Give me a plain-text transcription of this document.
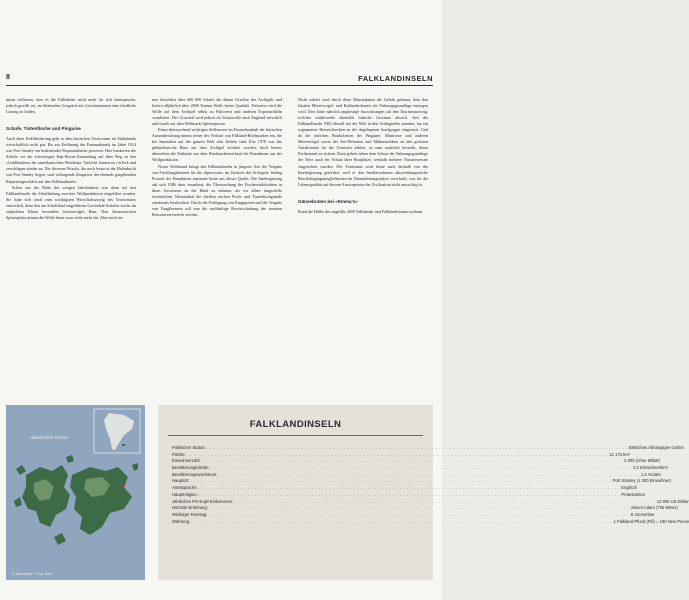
8	FALKLANDINSELN

tinien verlassen, dass es die Falkländer nicht mehr für sich beanspruche, jedoch gewillt sei, im bilateralen Gespräch mit Grossbritannien eine friedliche Lösung zu finden.

Schafe, Tintenfische und Pinguine

Auch ohne Erdölförderung geht es dem britischen Territorium im Südatlantik wirtschaftlich recht gut: Bis zur Eröffnung des Panamakanals im Jahre 1914 war Port Stanley ein bedeutender Reparaturhafen gewesen. Hier bunkerten die Schiffe vor der schwierigen Kap-Hoorn-Umrundung auf dem Weg zu den «Goldländern» der amerikanischen Westküste. Und hier kamen sie oft leck und zerschlagen wieder an. Die diversen Wracks, die noch heute in der Hafenbucht von Port Stanley liegen, sind vielsagende Zeugnisse des ehemals gutgehenden Reparaturgeschäfts auf den Falklandinseln.

Schon aus der Mitte des vorigen Jahrhunderts war dann auf den Falklandinseln die Schafhaltung zweckes Wollproduktion eingeführt worden. Sie hatte sich rasch zum wichtigsten Wirtschaftszweig des Territoriums entwickelt, denn den am Schelfland eingeführten Corriedale-Schafen wachs im subpolaren Klima besonders hochwertiges Haar. Den ökonomischen Spitzenplatz nimmt die Wolle heute zwar nicht mehr ein. Aber noch im-

mer beweiden über 600 000 Schafe die dünne Grasflur des Archipels und liefern alljährlich über 2000 Tonnen Wolle bester Qualität. Teilweise wird die Wolle auf dem Archipel selbst zu Pullovern und anderen Exportartikeln verarbeitet. Der Grossteil wird jedoch als Schurwolle nach England verschifft und erzielt auf dem Weltmarkt Spitzenpreise.

Einen überraschend wichtigen Stellenwert im Finanzhaushalt der britischen Aussenbesitzung nimmt ferner der Verkauf von Falkland-Briefmarken ein, die bei Sammlern auf der ganzen Welt sehr beliebt sind. Erst 1978 war das philatelistische Büro auf dem Archipel eröffnet worden, doch bereits überstiften die Einkäufe aus dem Briefmarkenverkauf die Einnahmen aus der Wollproduktion.

Neues Wohlstand bringt den Falklandinseln in jüngster Zeit die Vergabe von Fischfanglizenzen für die «Sperrzone» im Umkreis des Archipels. Stehng Prozent der Einnahmen stammen heute aus dieser Quelle. Die Inselregierung sah sich 1986 dazu veranlasst, die Überwachung der Fischereiaktivitäten in ihren Gewässern an die Hand zu nehmen, als vor allem fangschiffe fernöstlicher Nationalität die chedem reichen Fisch- und Tintenfischgründe zusehends leerfischten. Durch die Festlegung von Fangquoten und die Vergabe von Fanglizenzen soll nun die nachhaltige Bewirtschaftung der marinen Ressourcen erreicht werden.

Nicht zuletzt wird durch diese Massnahmen die Gefahr gebannt, dass den lokalen Meeresvogel- und Robbenkolonien die Nahrungsgrundlage entzogen wird. Dies hätte nämlich ungünstige Auswirkungen auf den Tourismuszweig, welches mittlerweile ebenfalls hübsche Gewinne abwirft. Seit die Falklandinseln 1982 überall auf der Welt in den Schlagzeilen standen, hat ein sogenannter Reiseschrecken zu der abgelegenen Inselgruppe eingesetzt. Und da die örtlichen Brutkolonien der Pinguine, Albatrosse und anderen Meeresvögel sowie der See-Elefanten und Mähnenrobben zu den grössten Attraktionen für die Touristen zählen, ist man natürlich bestrebt, deren Fortbestand zu sichern. Dazu gehört neben dem Schutz der Nahrungsgrundlage der Tiere auch der Schutz ihrer Brutplätze, weshalb mehrere Naturreservate eingerichtet wurden. Der Tourismus wird heute auch deshalb von der Inselregierung gefördert, weil er den Inselbewohnern abwechslungsreiche Beschäftigungsmöglichkeiten im Dienstleistungssektor verschafft, was für die Lebensqualität auf diesem Aussenposten der Zivilisation nicht unwichtig ist.

Gänsebraten bei «Emma's»

Rund die Hälfte der ungefähr 2000 Falkländer und Falkländerinnen wohnen

Atlantischer Ozean
© Kümmerly + Frey, Bern
FALKLANDINSELN
Politischer Status: . . . . . . . . . . . . . . . . . . . . . . . . . . . . . . . . . . . . . . . . . . . . . . . . . . . . . . . . . . . . . . . . . . . . . . . . . . . . . . . . . . . . . . . . . . . . . . . . . . . . . . . . . . . . . . . . . . . . . . . . Britisches Abhängiges Gebiet
Fläche: . . . . . . . . . . . . . . . . . . . . . . . . . . . . . . . . . . . . . . . . . . . . . . . . . . . . . . . . . . . . . . . . . . . . . . . . . . . . . . . . . . . . . . . . . . . . . . . . . . . . . . . . . . . . . . . . . . . . . . . . 12 173 km²
Einwohnerzahl: . . . . . . . . . . . . . . . . . . . . . . . . . . . . . . . . . . . . . . . . . . . . . . . . . . . . . . . . . . . . . . . . . . . . . . . . . . . . . . . . . . . . . . . . . . . . . . . . . . . . . . . . . . . . . . . . . . . . . . . . 2 000 (ohne Militär)
Bevölkerungsdichte: . . . . . . . . . . . . . . . . . . . . . . . . . . . . . . . . . . . . . . . . . . . . . . . . . . . . . . . . . . . . . . . . . . . . . . . . . . . . . . . . . . . . . . . . . . . . . . . . . . . . . . . . . . . . . . . . . . . . . . . . 0,2 Einwohner/km²
Bevölkerungswachstum: . . . . . . . . . . . . . . . . . . . . . . . . . . . . . . . . . . . . . . . . . . . . . . . . . . . . . . . . . . . . . . . . . . . . . . . . . . . . . . . . . . . . . . . . . . . . . . . . . . . . . . . . . . . . . . . . . . . . . . . . 1,3 %/Jahr
Hauptort: . . . . . . . . . . . . . . . . . . . . . . . . . . . . . . . . . . . . . . . . . . . . . . . . . . . . . . . . . . . . . . . . . . . . . . . . . . . . . . . . . . . . . . . . . . . . . . . . . . . . . . . . . . . . . . . . . . . . . . . . Port Stanley (1 200 Einwohner)
Amtssprache: . . . . . . . . . . . . . . . . . . . . . . . . . . . . . . . . . . . . . . . . . . . . . . . . . . . . . . . . . . . . . . . . . . . . . . . . . . . . . . . . . . . . . . . . . . . . . . . . . . . . . . . . . . . . . . . . . . . . . . . . Englisch
Hauptreligion: . . . . . . . . . . . . . . . . . . . . . . . . . . . . . . . . . . . . . . . . . . . . . . . . . . . . . . . . . . . . . . . . . . . . . . . . . . . . . . . . . . . . . . . . . . . . . . . . . . . . . . . . . . . . . . . . . . . . . . . . Protestanten
Jährliches Pro-Kopf-Einkommen: . . . . . . . . . . . . . . . . . . . . . . . . . . . . . . . . . . . . . . . . . . . . . . . . . . . . . . . . . . . . . . . . . . . . . . . . . . . . . . . . . . . . . . . . . . . . . . . . . . . . . . . . . . . . . . . . . . . . . . . . 13 800 US-Dollar
Höchste Erhebung: . . . . . . . . . . . . . . . . . . . . . . . . . . . . . . . . . . . . . . . . . . . . . . . . . . . . . . . . . . . . . . . . . . . . . . . . . . . . . . . . . . . . . . . . . . . . . . . . . . . . . . . . . . . . . . . . . . . . . . . . Mount Adam (705 Meter)
Wichtiger Feiertag: . . . . . . . . . . . . . . . . . . . . . . . . . . . . . . . . . . . . . . . . . . . . . . . . . . . . . . . . . . . . . . . . . . . . . . . . . . . . . . . . . . . . . . . . . . . . . . . . . . . . . . . . . . . . . . . . . . . . . . . . 8. Dezember
Währung: . . . . . . . . . . . . . . . . . . . . . . . . . . . . . . . . . . . . . . . . . . . . . . . . . . . . . . . . . . . . . . . . . . . . . . . . . . . . . . . . . . . . . . . . . . . . . . . . . . . . . . . . . . . . . . . . . . . . . . . . 1 Falkland-Pfund (Fkl) = 100 New Pence
